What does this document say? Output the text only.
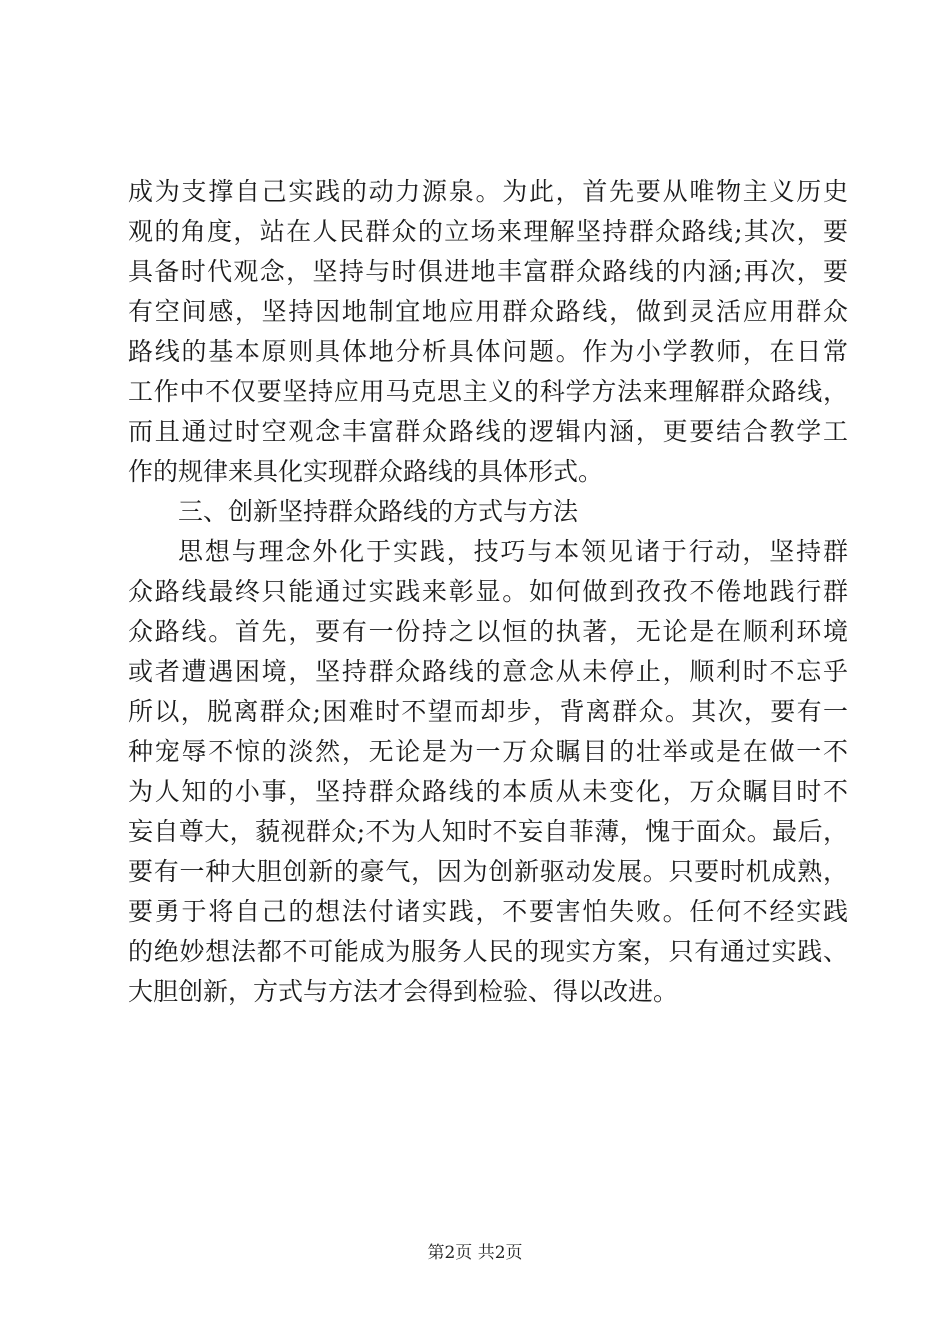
成为支撑自己实践的动力源泉。为此，首先要从唯物主义历史
观的角度，站在人民群众的立场来理解坚持群众路线;其次，要
具备时代观念，坚持与时俱进地丰富群众路线的内涵;再次，要
有空间感，坚持因地制宜地应用群众路线，做到灵活应用群众
路线的基本原则具体地分析具体问题。作为小学教师，在日常
工作中不仅要坚持应用马克思主义的科学方法来理解群众路线，
而且通过时空观念丰富群众路线的逻辑内涵，更要结合教学工
作的规律来具化实现群众路线的具体形式。
三、创新坚持群众路线的方式与方法
思想与理念外化于实践，技巧与本领见诸于行动，坚持群
众路线最终只能通过实践来彰显。如何做到孜孜不倦地践行群
众路线。首先，要有一份持之以恒的执著，无论是在顺利环境
或者遭遇困境，坚持群众路线的意念从未停止，顺利时不忘乎
所以，脱离群众;困难时不望而却步，背离群众。其次，要有一
种宠辱不惊的淡然，无论是为一万众瞩目的壮举或是在做一不
为人知的小事，坚持群众路线的本质从未变化，万众瞩目时不
妄自尊大，藐视群众;不为人知时不妄自菲薄，愧于面众。最后，
要有一种大胆创新的豪气，因为创新驱动发展。只要时机成熟，
要勇于将自己的想法付诸实践，不要害怕失败。任何不经实践
的绝妙想法都不可能成为服务人民的现实方案，只有通过实践、
大胆创新，方式与方法才会得到检验、得以改进。
第2页 共2页
